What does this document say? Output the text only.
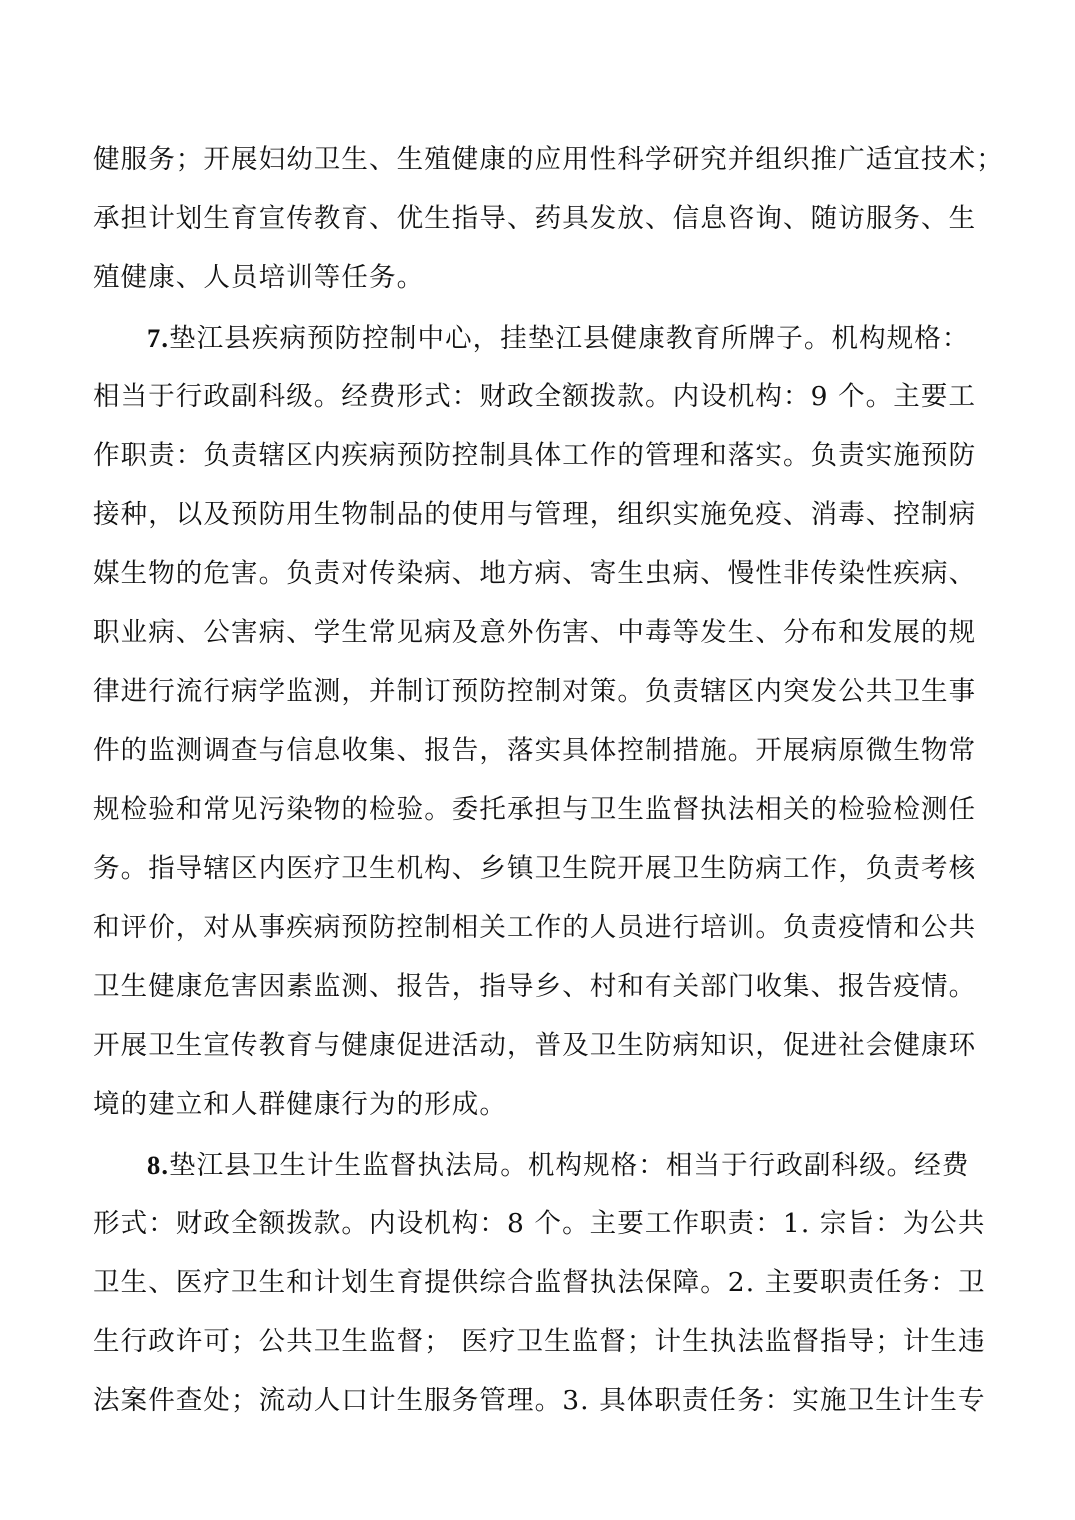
健服务；开展妇幼卫生、生殖健康的应用性科学研究并组织推广适宜技术；
承担计划生育宣传教育、优生指导、药具发放、信息咨询、随访服务、生
殖健康、人员培训等任务。
7.垫江县疾病预防控制中心，挂垫江县健康教育所牌子。机构规格：
相当于行政副科级。经费形式：财政全额拨款。内设机构：9 个。主要工
作职责：负责辖区内疾病预防控制具体工作的管理和落实。负责实施预防
接种，以及预防用生物制品的使用与管理，组织实施免疫、消毒、控制病
媒生物的危害。负责对传染病、地方病、寄生虫病、慢性非传染性疾病、
职业病、公害病、学生常见病及意外伤害、中毒等发生、分布和发展的规
律进行流行病学监测，并制订预防控制对策。负责辖区内突发公共卫生事
件的监测调查与信息收集、报告，落实具体控制措施。开展病原微生物常
规检验和常见污染物的检验。委托承担与卫生监督执法相关的检验检测任
务。指导辖区内医疗卫生机构、乡镇卫生院开展卫生防病工作，负责考核
和评价，对从事疾病预防控制相关工作的人员进行培训。负责疫情和公共
卫生健康危害因素监测、报告，指导乡、村和有关部门收集、报告疫情。
开展卫生宣传教育与健康促进活动，普及卫生防病知识，促进社会健康环
境的建立和人群健康行为的形成。
8.垫江县卫生计生监督执法局。机构规格：相当于行政副科级。经费
形式：财政全额拨款。内设机构：8 个。主要工作职责：1. 宗旨：为公共
卫生、医疗卫生和计划生育提供综合监督执法保障。2. 主要职责任务：卫
生行政许可；公共卫生监督； 医疗卫生监督；计生执法监督指导；计生违
法案件查处；流动人口计生服务管理。3. 具体职责任务：实施卫生计生专
